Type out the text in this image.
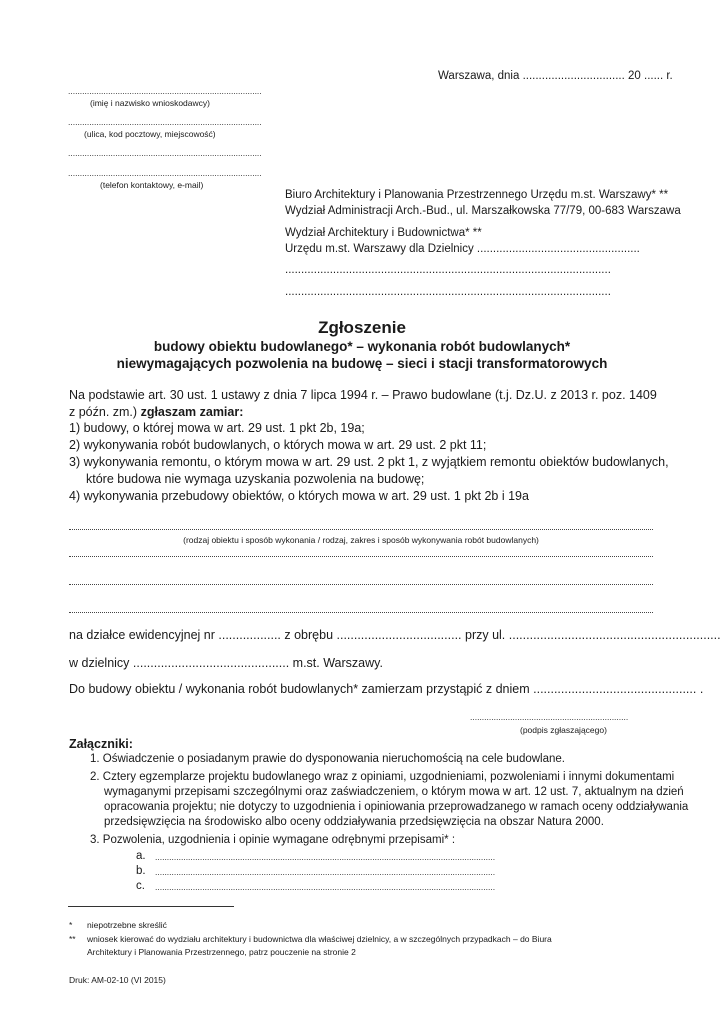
Warszawa, dnia ................................ 20 ...... r.
..................................................................................
(imię i nazwisko wnioskodawcy)
..................................................................................
(ulica, kod pocztowy, miejscowość)
..................................................................................
..................................................................................
(telefon kontaktowy, e-mail)
Biuro Architektury i Planowania Przestrzennego Urzędu m.st. Warszawy* **
Wydział Administracji Arch.-Bud., ul. Marszałkowska 77/79, 00-683 Warszawa
Wydział Architektury i Budownictwa* **
Urzędu m.st. Warszawy dla Dzielnicy ...................................................
......................................................................................................
......................................................................................................
Zgłoszenie
budowy obiektu budowlanego* – wykonania robót budowlanych*
niewymagających pozwolenia na budowę – sieci i stacji transformatorowych
Na podstawie art. 30 ust. 1 ustawy z dnia 7 lipca 1994 r. – Prawo budowlane (t.j. Dz.U. z 2013 r. poz. 1409
z późn. zm.) zgłaszam zamiar:
1) budowy, o której mowa w art. 29 ust. 1 pkt 2b, 19a;
2) wykonywania robót budowlanych, o których mowa w art. 29 ust. 2 pkt 11;
3) wykonywania remontu, o którym mowa w art. 29 ust. 2 pkt 1, z wyjątkiem remontu obiektów budowlanych,
które budowa nie wymaga uzyskania pozwolenia na budowę;
4) wykonywania przebudowy obiektów, o których mowa w art. 29 ust. 1 pkt 2b i 19a
(rodzaj obiektu i sposób wykonania / rodzaj, zakres i sposób wykonywania robót budowlanych)
na działce ewidencyjnej nr .................. z obrębu .................................... przy ul. .............................................................
w dzielnicy ............................................. m.st. Warszawy.
Do budowy obiektu / wykonania robót budowlanych* zamierzam przystąpić z dniem ............................................... .
...................................................................
(podpis zgłaszającego)
Załączniki:
1. Oświadczenie o posiadanym prawie do dysponowania nieruchomością na cele budowlane.
2. Cztery egzemplarze projektu budowlanego wraz z opiniami, uzgodnieniami, pozwoleniami i innymi dokumentami
wymaganymi przepisami szczególnymi oraz zaświadczeniem, o którym mowa w art. 12 ust. 7, aktualnym na dzień
opracowania projektu; nie dotyczy to uzgodnienia i opiniowania przeprowadzanego w ramach oceny oddziaływania
przedsięwzięcia na środowisko albo oceny oddziaływania przedsięwzięcia na obszar Natura 2000.
3. Pozwolenia, uzgodnienia i opinie wymagane odrębnymi przepisami* :
a. ................................................................................................................................................
b. ................................................................................................................................................
c. ................................................................................................................................................
* niepotrzebne skreślić
** wniosek kierować do wydziału architektury i budownictwa dla właściwej dzielnicy, a w szczególnych przypadkach – do Biura
Architektury i Planowania Przestrzennego, patrz pouczenie na stronie 2
Druk: AM-02-10 (VI 2015)
